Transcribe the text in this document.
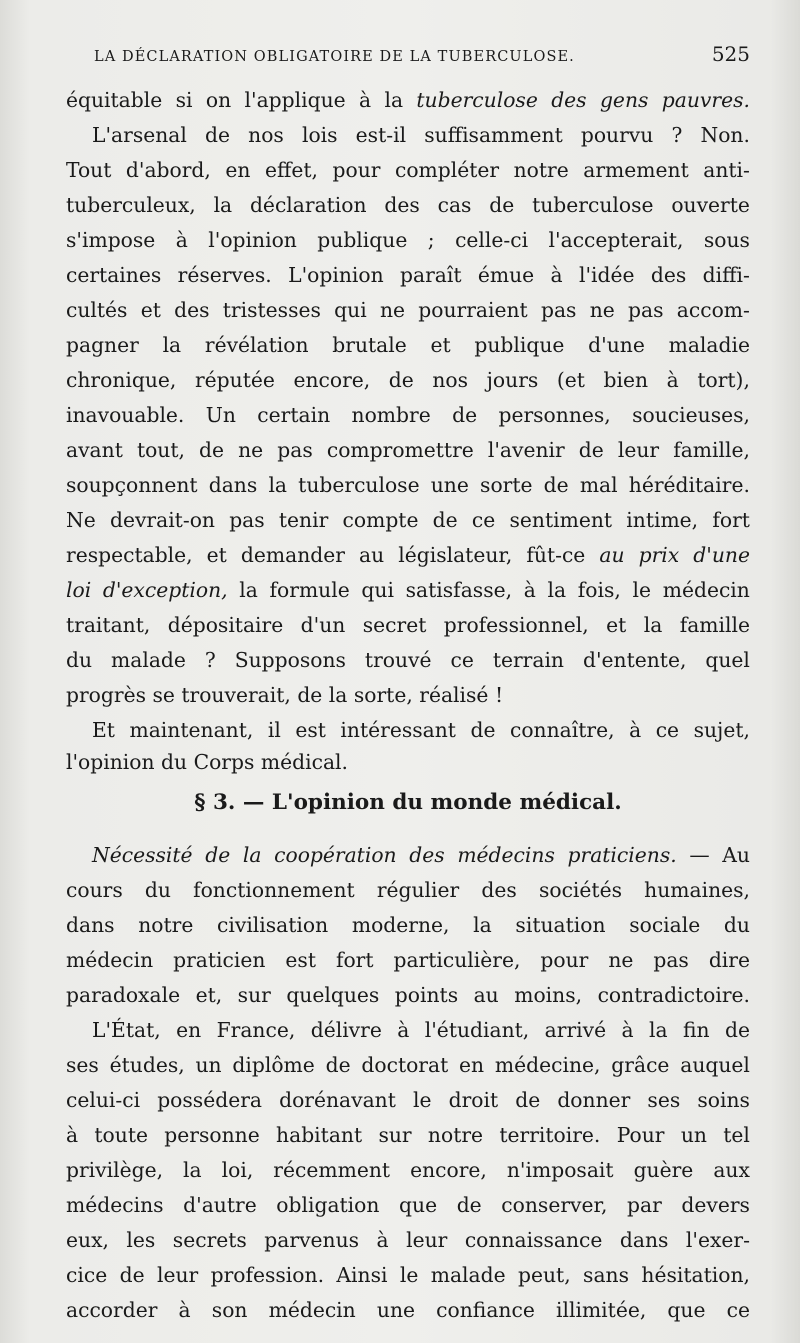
LA DÉCLARATION OBLIGATOIRE DE LA TUBERCULOSE.	525
équitable si on l'applique à la tuberculose des gens pauvres.
L'arsenal de nos lois est-il suffisamment pourvu ? Non.
Tout d'abord, en effet, pour compléter notre armement anti-
tuberculeux, la déclaration des cas de tuberculose ouverte
s'impose à l'opinion publique ; celle-ci l'accepterait, sous
certaines réserves. L'opinion paraît émue à l'idée des diffi-
cultés et des tristesses qui ne pourraient pas ne pas accom-
pagner la révélation brutale et publique d'une maladie
chronique, réputée encore, de nos jours (et bien à tort),
inavouable. Un certain nombre de personnes, soucieuses,
avant tout, de ne pas compromettre l'avenir de leur famille,
soupçonnent dans la tuberculose une sorte de mal héréditaire.
Ne devrait-on pas tenir compte de ce sentiment intime, fort
respectable, et demander au législateur, fût-ce au prix d'une
loi d'exception, la formule qui satisfasse, à la fois, le médecin
traitant, dépositaire d'un secret professionnel, et la famille
du malade ? Supposons trouvé ce terrain d'entente, quel
progrès se trouverait, de la sorte, réalisé !
Et maintenant, il est intéressant de connaître, à ce sujet,
l'opinion du Corps médical.
Nécessité de la coopération des médecins praticiens. — Au
cours du fonctionnement régulier des sociétés humaines,
dans notre civilisation moderne, la situation sociale du
médecin praticien est fort particulière, pour ne pas dire
paradoxale et, sur quelques points au moins, contradictoire.
L'État, en France, délivre à l'étudiant, arrivé à la fin de
ses études, un diplôme de doctorat en médecine, grâce auquel
celui-ci possédera dorénavant le droit de donner ses soins
à toute personne habitant sur notre territoire. Pour un tel
privilège, la loi, récemment encore, n'imposait guère aux
médecins d'autre obligation que de conserver, par devers
eux, les secrets parvenus à leur connaissance dans l'exer-
cice de leur profession. Ainsi le malade peut, sans hésitation,
accorder à son médecin une confiance illimitée, que ce
§ 3. — L'opinion du monde médical.
